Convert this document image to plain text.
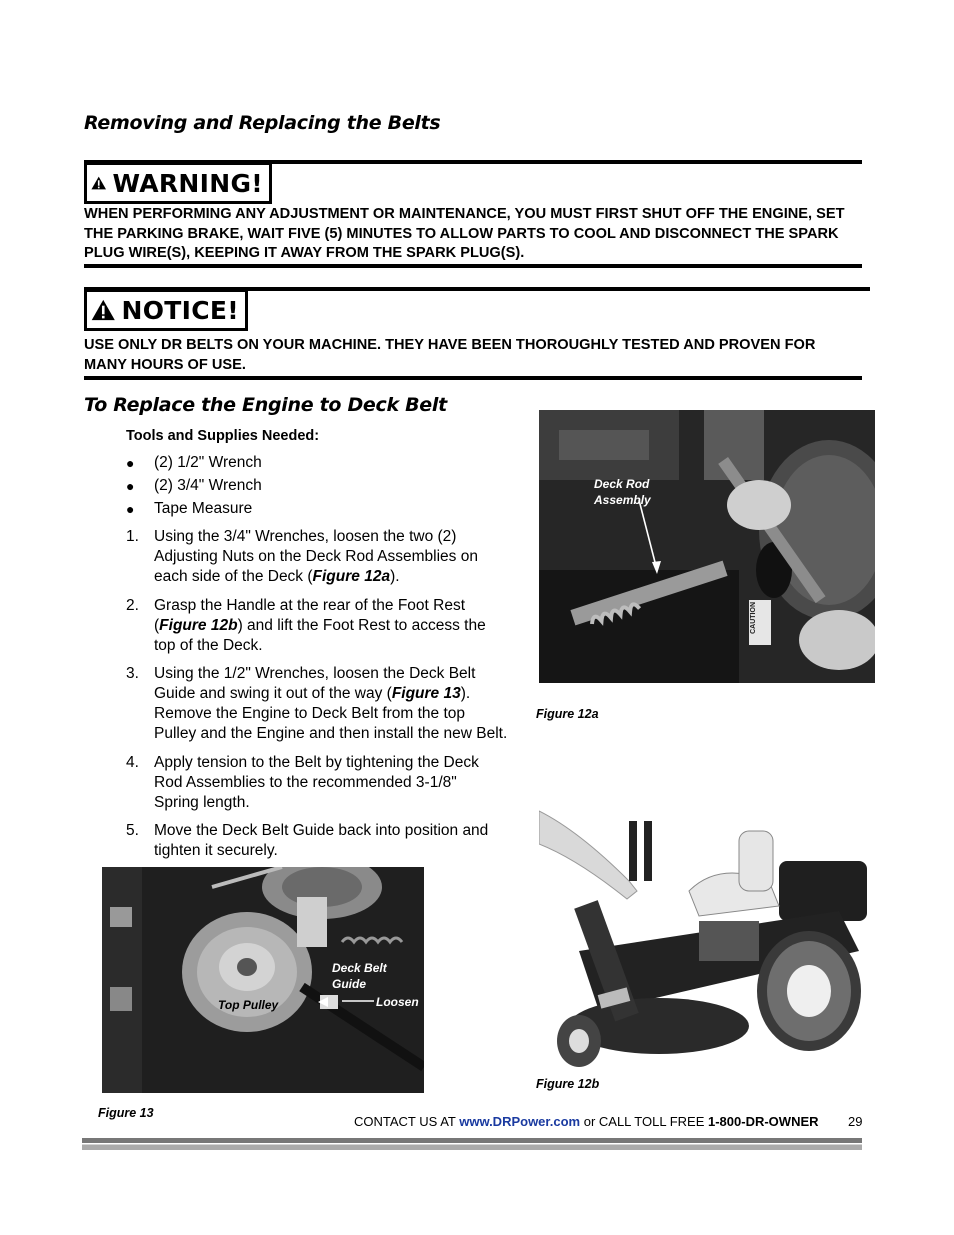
Removing and Replacing the Belts
WARNING!
WHEN PERFORMING ANY ADJUSTMENT OR MAINTENANCE, YOU MUST FIRST SHUT OFF THE ENGINE, SET THE PARKING BRAKE, WAIT FIVE (5) MINUTES TO ALLOW PARTS TO COOL AND DISCONNECT THE SPARK PLUG WIRE(S), KEEPING IT AWAY FROM THE SPARK PLUG(S).
NOTICE!
USE ONLY DR BELTS ON YOUR MACHINE. THEY HAVE BEEN THOROUGHLY TESTED AND PROVEN FOR MANY HOURS OF USE.
To Replace the Engine to Deck Belt
Tools and Supplies Needed:
●	(2) 1/2" Wrench
●	(2) 3/4" Wrench
●	Tape Measure
1. Using the 3/4" Wrenches, loosen the two (2) Adjusting Nuts on the Deck Rod Assemblies on each side of the Deck (Figure 12a).
2. Grasp the Handle at the rear of the Foot Rest (Figure 12b) and lift the Foot Rest to access the top of the Deck.
3. Using the 1/2" Wrenches, loosen the Deck Belt Guide and swing it out of the way (Figure 13). Remove the Engine to Deck Belt from the top Pulley and the Engine and then install the new Belt.
4. Apply tension to the Belt by tightening the Deck Rod Assemblies to the recommended 3-1/8" Spring length.
5. Move the Deck Belt Guide back into position and tighten it securely.
Deck Rod
Assembly
CAUTION
Figure 12a
Figure 12b
Deck Belt
Guide
Top Pulley	Loosen
Figure 13
CONTACT US AT www.DRPower.com or CALL TOLL FREE 1-800-DR-OWNER 29
